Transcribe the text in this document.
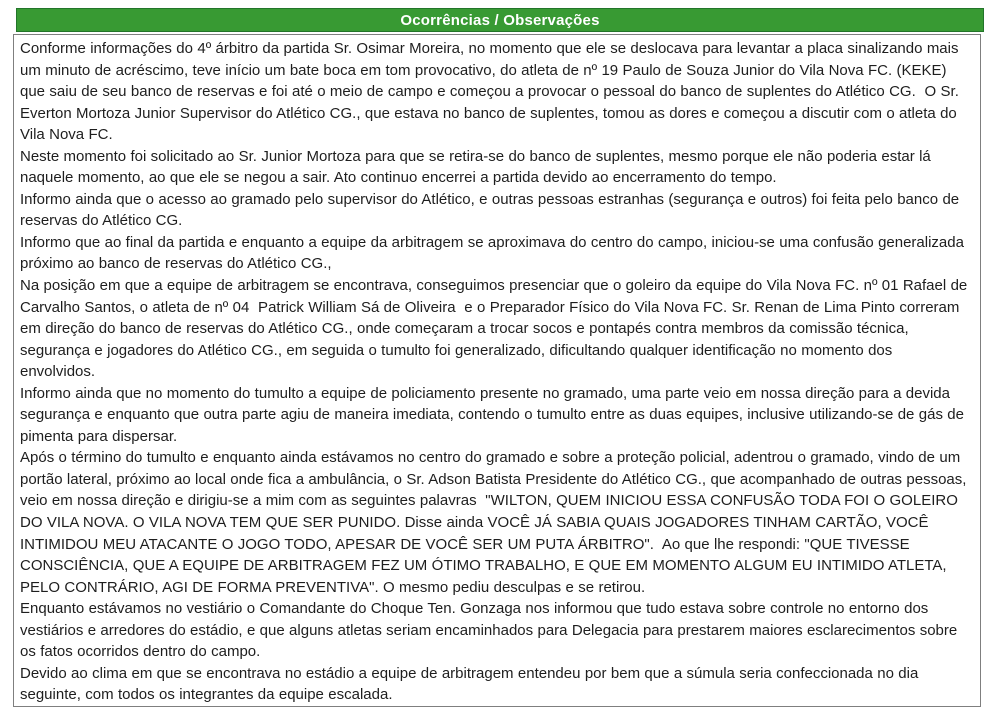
Ocorrências / Observações

Conforme informações do 4º árbitro da partida Sr. Osimar Moreira, no momento que ele se deslocava para levantar a placa sinalizando mais um minuto de acréscimo, teve início um bate boca em tom provocativo, do atleta de nº 19 Paulo de Souza Junior do Vila Nova FC. (KEKE) que saiu de seu banco de reservas e foi até o meio de campo e começou a provocar o pessoal do banco de suplentes do Atlético CG.  O Sr. Everton Mortoza Junior Supervisor do Atlético CG., que estava no banco de suplentes, tomou as dores e começou a discutir com o atleta do Vila Nova FC.

Neste momento foi solicitado ao Sr. Junior Mortoza para que se retira-se do banco de suplentes, mesmo porque ele não poderia estar lá naquele momento, ao que ele se negou a sair. Ato continuo encerrei a partida devido ao encerramento do tempo.

Informo ainda que o acesso ao gramado pelo supervisor do Atlético, e outras pessoas estranhas (segurança e outros) foi feita pelo banco de reservas do Atlético CG.

Informo que ao final da partida e enquanto a equipe da arbitragem se aproximava do centro do campo, iniciou-se uma confusão generalizada próximo ao banco de reservas do Atlético CG.,

Na posição em que a equipe de arbitragem se encontrava, conseguimos presenciar que o goleiro da equipe do Vila Nova FC. nº 01 Rafael de Carvalho Santos, o atleta de nº 04  Patrick William Sá de Oliveira  e o Preparador Físico do Vila Nova FC. Sr. Renan de Lima Pinto correram em direção do banco de reservas do Atlético CG., onde começaram a trocar socos e pontapés contra membros da comissão técnica, segurança e jogadores do Atlético CG., em seguida o tumulto foi generalizado, dificultando qualquer identificação no momento dos envolvidos.

Informo ainda que no momento do tumulto a equipe de policiamento presente no gramado, uma parte veio em nossa direção para a devida segurança e enquanto que outra parte agiu de maneira imediata, contendo o tumulto entre as duas equipes, inclusive utilizando-se de gás de pimenta para dispersar.

Após o término do tumulto e enquanto ainda estávamos no centro do gramado e sobre a proteção policial, adentrou o gramado, vindo de um portão lateral, próximo ao local onde fica a ambulância, o Sr. Adson Batista Presidente do Atlético CG., que acompanhado de outras pessoas, veio em nossa direção e dirigiu-se a mim com as seguintes palavras  "WILTON, QUEM INICIOU ESSA CONFUSÃO TODA FOI O GOLEIRO DO VILA NOVA. O VILA NOVA TEM QUE SER PUNIDO. Disse ainda VOCÊ JÁ SABIA QUAIS JOGADORES TINHAM CARTÃO, VOCÊ INTIMIDOU MEU ATACANTE O JOGO TODO, APESAR DE VOCÊ SER UM PUTA ÁRBITRO".  Ao que lhe respondi: "QUE TIVESSE CONSCIÊNCIA, QUE A EQUIPE DE ARBITRAGEM FEZ UM ÓTIMO TRABALHO, E QUE EM MOMENTO ALGUM EU INTIMIDO ATLETA, PELO CONTRÁRIO, AGI DE FORMA PREVENTIVA". O mesmo pediu desculpas e se retirou.

Enquanto estávamos no vestiário o Comandante do Choque Ten. Gonzaga nos informou que tudo estava sobre controle no entorno dos vestiários e arredores do estádio, e que alguns atletas seriam encaminhados para Delegacia para prestarem maiores esclarecimentos sobre os fatos ocorridos dentro do campo.

Devido ao clima em que se encontrava no estádio a equipe de arbitragem entendeu por bem que a súmula seria confeccionada no dia seguinte, com todos os integrantes da equipe escalada.
